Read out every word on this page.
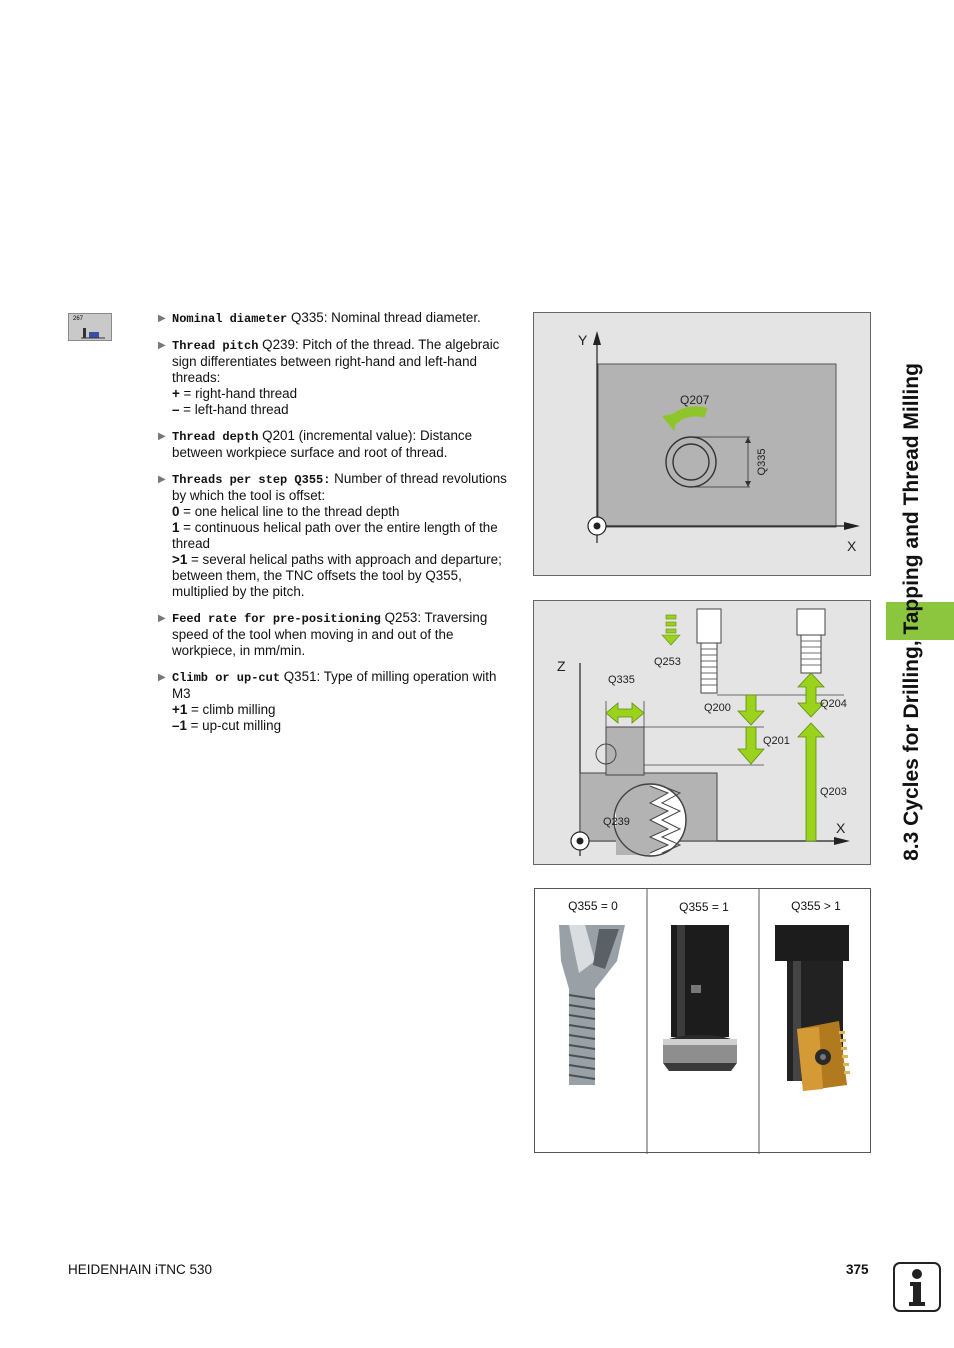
267	▶ Nominal diameter Q335: Nominal thread diameter.
▶ Thread pitch Q239: Pitch of the thread. The algebraic
sign differentiates between right-hand and left-hand
threads:
+ = right-hand thread
– = left-hand thread
▶ Thread depth Q201 (incremental value): Distance
between workpiece surface and root of thread.
▶ Threads per step Q355: Number of thread revolutions
by which the tool is offset:
0 = one helical line to the thread depth
1 = continuous helical path over the entire length of the thread
>1 = several helical paths with approach and departure; between them, the TNC offsets the tool by Q355, multiplied by the pitch.
▶ Feed rate for pre-positioning Q253: Traversing
speed of the tool when moving in and out of the
workpiece, in mm/min.
▶ Climb or up-cut Q351: Type of milling operation with
M3
+1 = climb milling
–1 = up-cut milling
Y
X
Q335
Q207
Z
X
Q335
Q253
Q200
Q201
Q204
Q203
Q239
Q355 = 0	Q355 = 1	Q355 > 1
8.3 Cycles for Drilling, Tapping and Thread Milling
HEIDENHAIN iTNC 530	375
